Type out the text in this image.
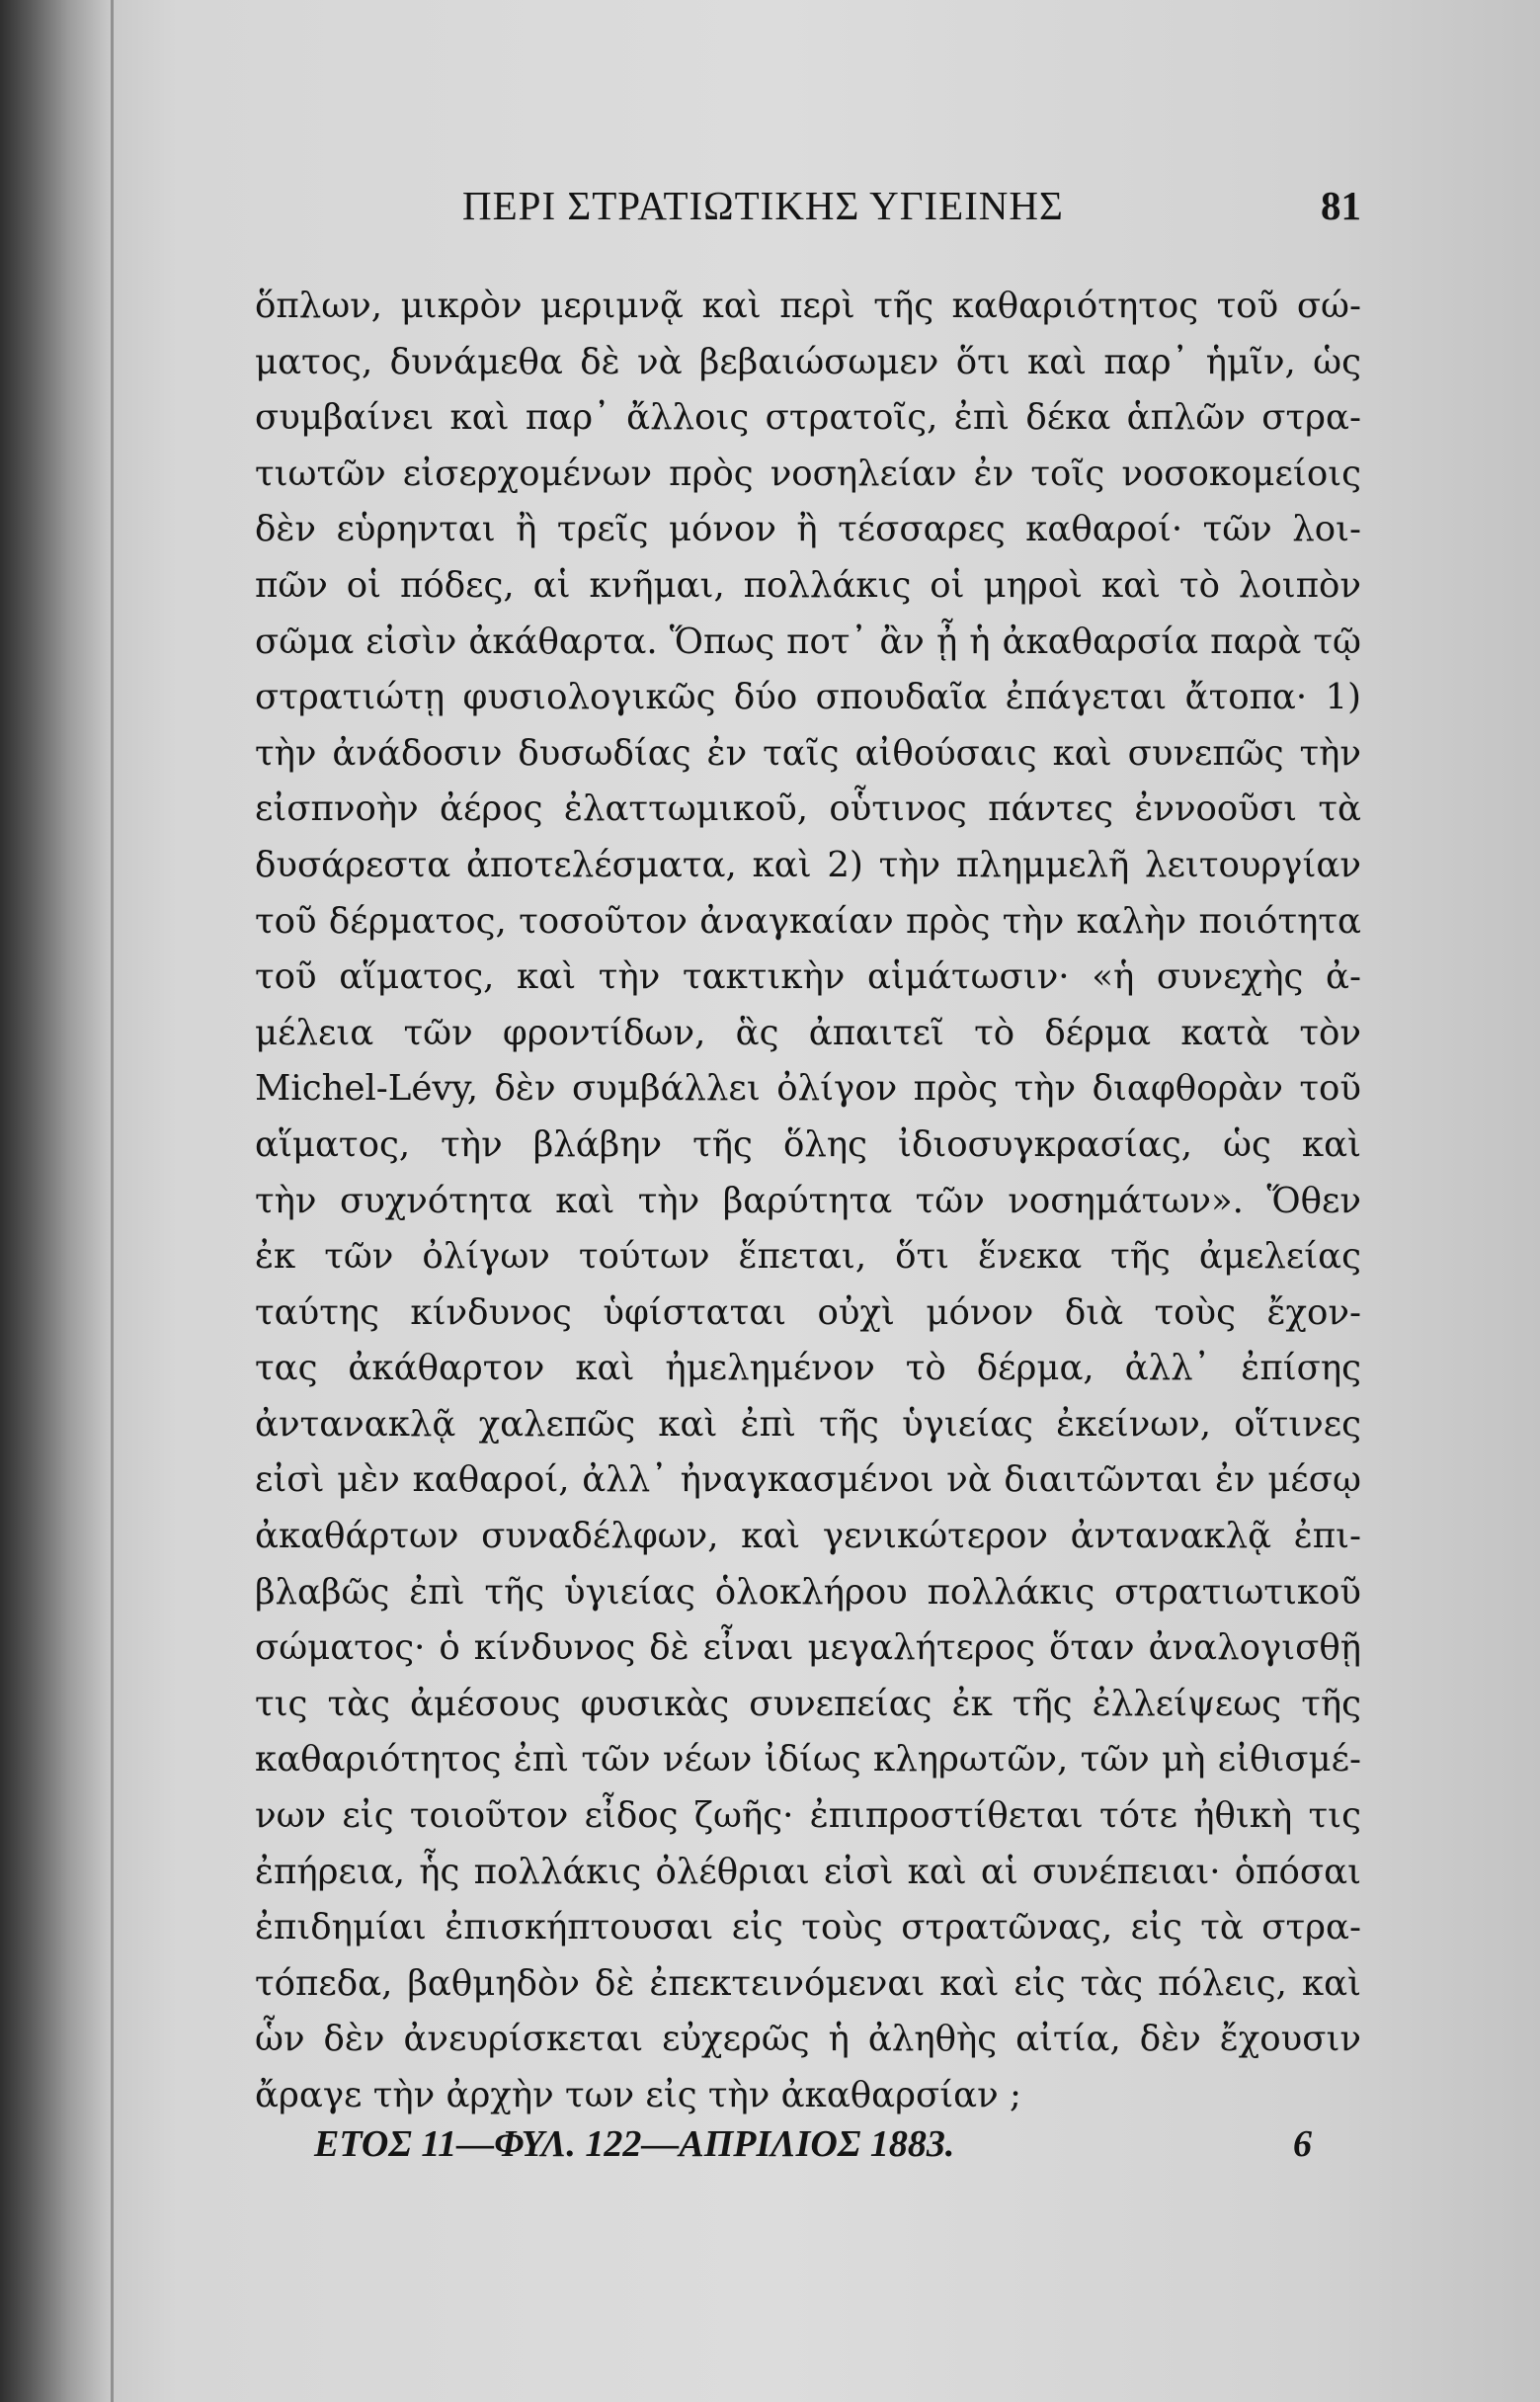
ΠΕΡΙ ΣΤΡΑΤΙΩΤΙΚΗΣ ΥΓΙΕΙΝΗΣ	81
ὅπλων, μικρὸν μεριμνᾷ καὶ περὶ τῆς καθαριότητος τοῦ σώ-
ματος, δυνάμεθα δὲ νὰ βεβαιώσωμεν ὅτι καὶ παρ᾽ ἡμῖν, ὡς
συμβαίνει καὶ παρ᾽ ἄλλοις στρατοῖς, ἐπὶ δέκα ἁπλῶν στρα-
τιωτῶν εἰσερχομένων πρὸς νοσηλείαν ἐν τοῖς νοσοκομείοις
δὲν εὑρηνται ἢ τρεῖς μόνον ἢ τέσσαρες καθαροί· τῶν λοι-
πῶν οἱ πόδες, αἱ κνῆμαι, πολλάκις οἱ μηροὶ καὶ τὸ λοιπὸν
σῶμα εἰσὶν ἀκάθαρτα. Ὅπως ποτ᾽ ἂν ᾖ ἡ ἀκαθαρσία παρὰ τῷ
στρατιώτῃ φυσιολογικῶς δύο σπουδαῖα ἐπάγεται ἄτοπα· 1)
τὴν ἀνάδοσιν δυσωδίας ἐν ταῖς αἰθούσαις καὶ συνεπῶς τὴν
εἰσπνοὴν ἀέρος ἐλαττωμικοῦ, οὗτινος πάντες ἐννοοῦσι τὰ
δυσάρεστα ἀποτελέσματα, καὶ 2) τὴν πλημμελῆ λειτουργίαν
τοῦ δέρματος, τοσοῦτον ἀναγκαίαν πρὸς τὴν καλὴν ποιότητα
τοῦ αἵματος, καὶ τὴν τακτικὴν αἱμάτωσιν· «ἡ συνεχὴς ἀ-
μέλεια τῶν φροντίδων, ἃς ἀπαιτεῖ τὸ δέρμα κατὰ τὸν
Michel-Lévy, δὲν συμβάλλει ὀλίγον πρὸς τὴν διαφθορὰν τοῦ
αἵματος, τὴν βλάβην τῆς ὅλης ἰδιοσυγκρασίας, ὡς καὶ
τὴν συχνότητα καὶ τὴν βαρύτητα τῶν νοσημάτων». Ὅθεν
ἐκ τῶν ὀλίγων τούτων ἕπεται, ὅτι ἕνεκα τῆς ἀμελείας
ταύτης κίνδυνος ὑφίσταται οὐχὶ μόνον διὰ τοὺς ἔχον-
τας ἀκάθαρτον καὶ ἠμελημένον τὸ δέρμα, ἀλλ᾽ ἐπίσης
ἀντανακλᾷ χαλεπῶς καὶ ἐπὶ τῆς ὑγιείας ἐκείνων, οἵτινες
εἰσὶ μὲν καθαροί, ἀλλ᾽ ἠναγκασμένοι νὰ διαιτῶνται ἐν μέσῳ
ἀκαθάρτων συναδέλφων, καὶ γενικώτερον ἀντανακλᾷ ἐπι-
βλαβῶς ἐπὶ τῆς ὑγιείας ὁλοκλήρου πολλάκις στρατιωτικοῦ
σώματος· ὁ κίνδυνος δὲ εἶναι μεγαλήτερος ὅταν ἀναλογισθῇ
τις τὰς ἀμέσους φυσικὰς συνεπείας ἐκ τῆς ἐλλείψεως τῆς
καθαριότητος ἐπὶ τῶν νέων ἰδίως κληρωτῶν, τῶν μὴ εἰθισμέ-
νων εἰς τοιοῦτον εἶδος ζωῆς· ἐπιπροστίθεται τότε ἠθικὴ τις
ἐπήρεια, ἧς πολλάκις ὀλέθριαι εἰσὶ καὶ αἱ συνέπειαι· ὁπόσαι
ἐπιδημίαι ἐπισκήπτουσαι εἰς τοὺς στρατῶνας, εἰς τὰ στρα-
τόπεδα, βαθμηδὸν δὲ ἐπεκτεινόμεναι καὶ εἰς τὰς πόλεις, καὶ
ὧν δὲν ἀνευρίσκεται εὐχερῶς ἡ ἀληθὴς αἰτία, δὲν ἔχουσιν
ἄραγε τὴν ἀρχὴν των εἰς τὴν ἀκαθαρσίαν ;
ΕΤΟΣ 11—ΦΥΛ. 122—ΑΠΡΙΛΙΟΣ 1883.	6
